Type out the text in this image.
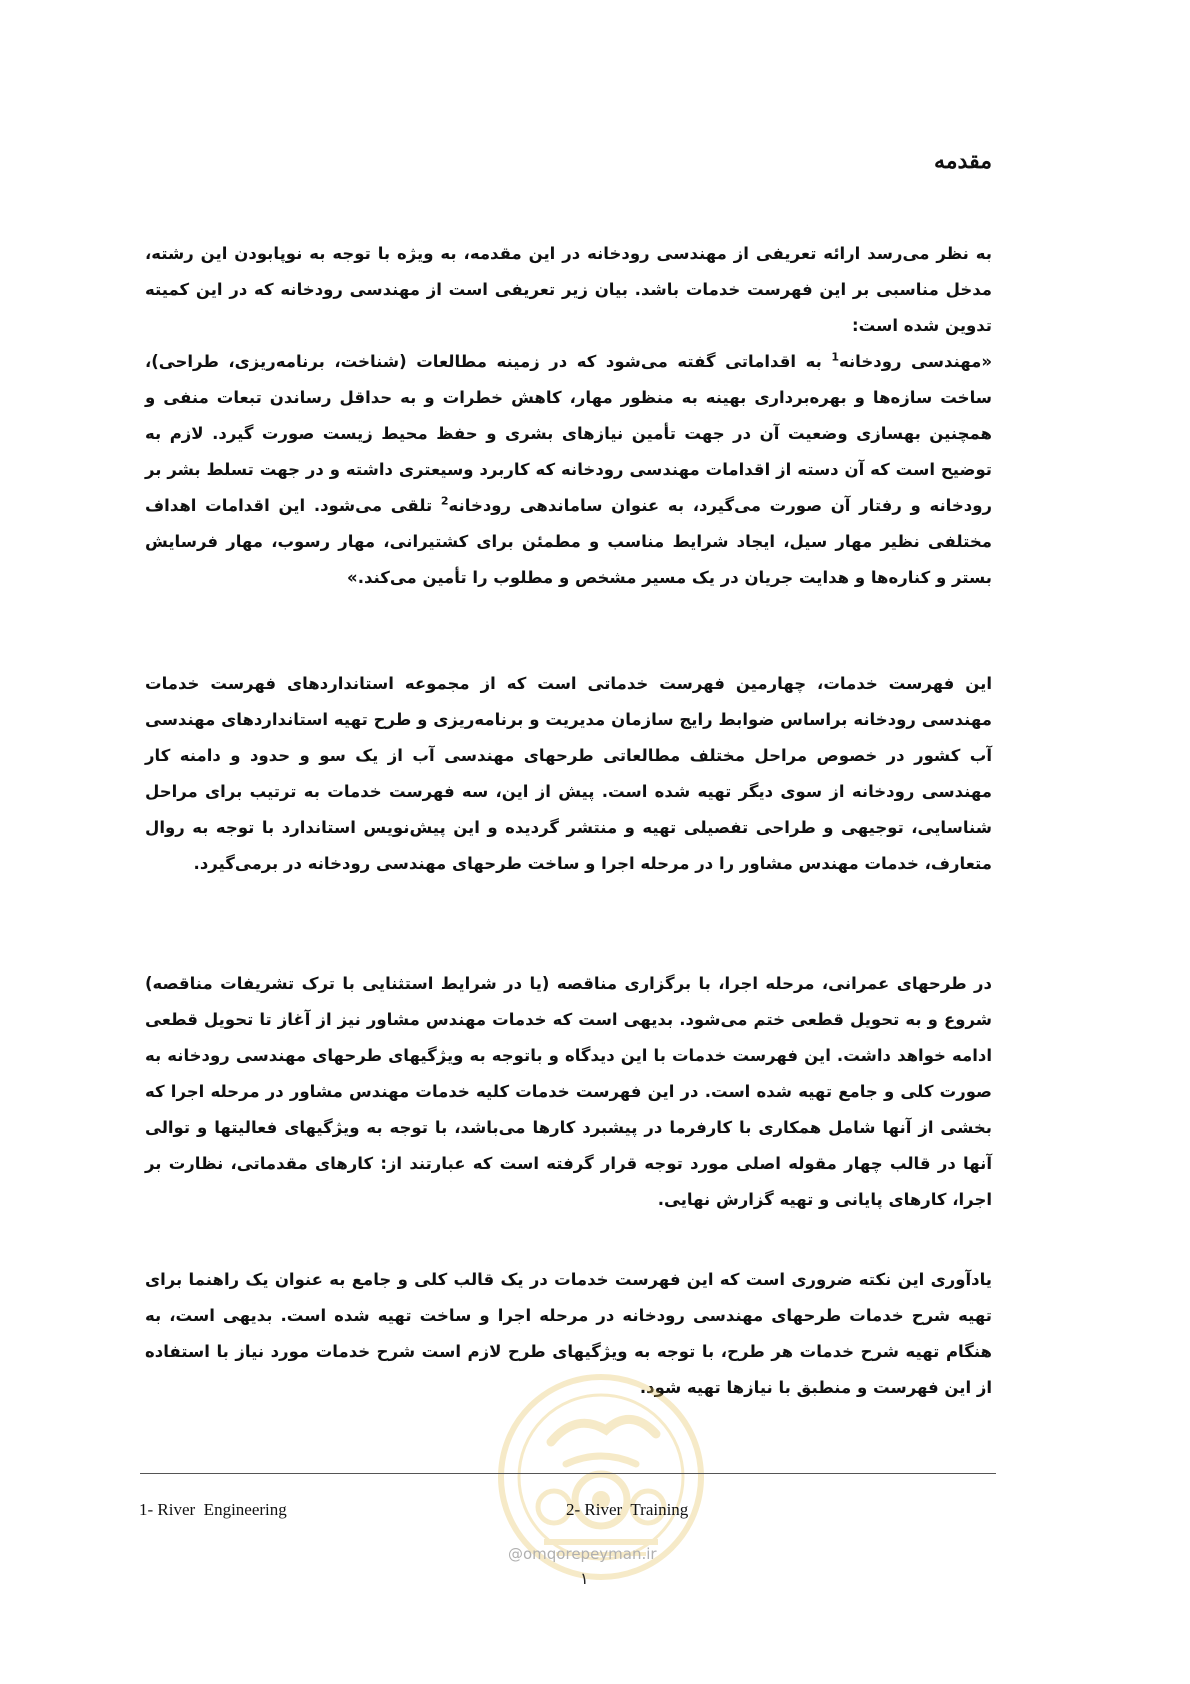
مقدمه

به نظر می‌رسد ارائه تعریفی از مهندسی رودخانه در این مقدمه، به ویژه با توجه به نوپابودن این رشته، مدخل مناسبی بر این فهرست خدمات باشد. بیان زیر تعریفی است از مهندسی رودخانه که در این کمیته تدوین شده است:
«مهندسی رودخانه$^1$ به اقداماتی گفته می‌شود که در زمینه مطالعات (شناخت، برنامه‌ریزی، طراحی)، ساخت سازه‌ها و بهره‌برداری بهینه به منظور مهار، کاهش خطرات و به حداقل رساندن تبعات منفی و همچنین بهسازی وضعیت آن در جهت تأمین نیازهای بشری و حفظ محیط زیست صورت گیرد. لازم به توضیح است که آن دسته از اقدامات مهندسی رودخانه که کاربرد وسیعتری داشته و در جهت تسلط بشر بر رودخانه و رفتار آن صورت می‌گیرد، به عنوان ساماندهی رودخانه$^2$ تلقی می‌شود. این اقدامات اهداف مختلفی نظیر مهار سیل، ایجاد شرایط مناسب و مطمئن برای کشتیرانی، مهار رسوب، مهار فرسایش بستر و کناره‌ها و هدایت جریان در یک مسیر مشخص و مطلوب را تأمین می‌کند.»

این فهرست خدمات، چهارمین فهرست خدماتی است که از مجموعه استانداردهای فهرست خدمات مهندسی رودخانه براساس ضوابط رایج سازمان مدیریت و برنامه‌ریزی و طرح تهیه استانداردهای مهندسی آب کشور در خصوص مراحل مختلف مطالعاتی طرحهای مهندسی آب از یک سو و حدود و دامنه کار مهندسی رودخانه از سوی دیگر تهیه شده است. پیش از این، سه فهرست خدمات به ترتیب برای مراحل شناسایی، توجیهی و طراحی تفصیلی تهیه و منتشر گردیده و این پیش‌نویس استاندارد با توجه به روال متعارف، خدمات مهندس مشاور را در مرحله اجرا و ساخت طرحهای مهندسی رودخانه در برمی‌گیرد.

در طرحهای عمرانی، مرحله اجرا، با برگزاری مناقصه (یا در شرایط استثنایی با ترک تشریفات مناقصه) شروع و به تحویل قطعی ختم می‌شود. بدیهی است که خدمات مهندس مشاور نیز از آغاز تا تحویل قطعی ادامه خواهد داشت. این فهرست خدمات با این دیدگاه و باتوجه به ویژگیهای طرحهای مهندسی رودخانه به صورت کلی و جامع تهیه شده است. در این فهرست خدمات کلیه خدمات مهندس مشاور در مرحله اجرا که بخشی از آنها شامل همکاری با کارفرما در پیشبرد کارها می‌باشد، با توجه به ویژگیهای فعالیتها و توالی آنها در قالب چهار مقوله اصلی مورد توجه قرار گرفته است که عبارتند از: کارهای مقدماتی، نظارت بر اجرا، کارهای پایانی و تهیه گزارش نهایی.

یادآوری این نکته ضروری است که این فهرست خدمات در یک قالب کلی و جامع به عنوان یک راهنما برای تهیه شرح خدمات طرحهای مهندسی رودخانه در مرحله اجرا و ساخت تهیه شده است. بدیهی است، به هنگام تهیه شرح خدمات هر طرح، با توجه به ویژگیهای طرح لازم است شرح خدمات مورد نیاز با استفاده از این فهرست و منطبق با نیازها تهیه شود.

1- River  Engineering	2- River  Training
@omqorepeyman.ir
۱
